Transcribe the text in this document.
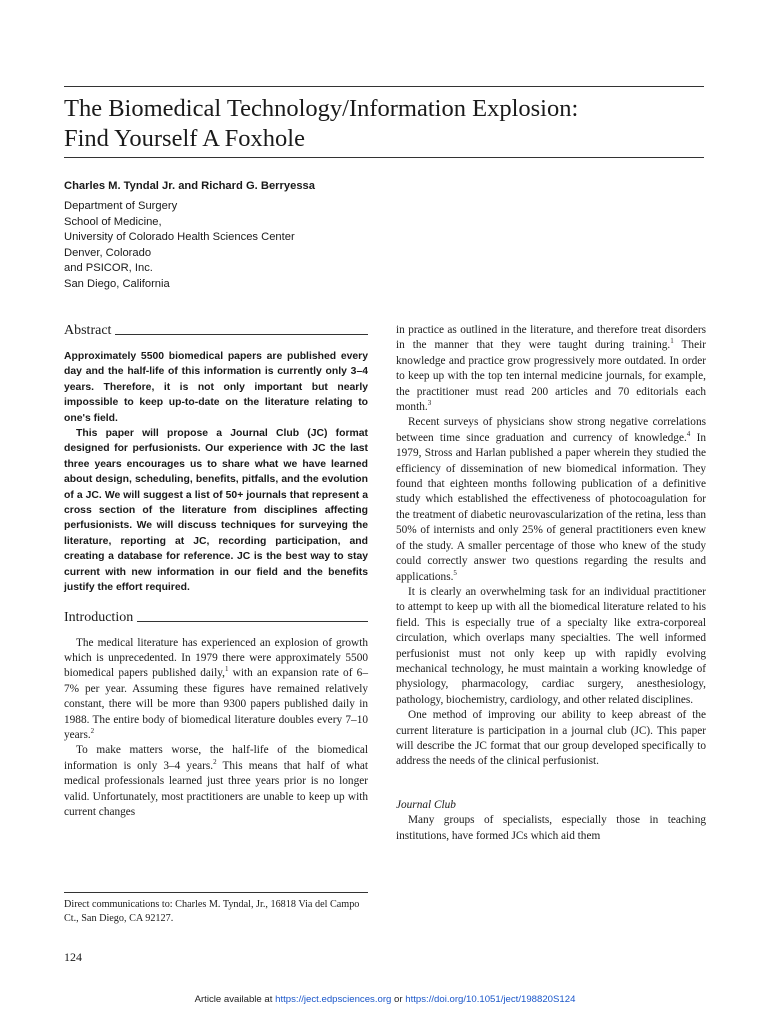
The Biomedical Technology/Information Explosion:
Find Yourself A Foxhole
Charles M. Tyndal Jr. and Richard G. Berryessa
Department of Surgery
School of Medicine,
University of Colorado Health Sciences Center
Denver, Colorado
and PSICOR, Inc.
San Diego, California
Abstract

Approximately 5500 biomedical papers are published every day and the half-life of this information is currently only 3–4 years. Therefore, it is not only important but nearly impossible to keep up-to-date on the literature relating to one's field.

This paper will propose a Journal Club (JC) format designed for perfusionists. Our experience with JC the last three years encourages us to share what we have learned about design, scheduling, benefits, pitfalls, and the evolution of a JC. We will suggest a list of 50+ journals that represent a cross section of the literature from disciplines affecting perfusionists. We will discuss techniques for surveying the literature, reporting at JC, recording participation, and creating a database for reference. JC is the best way to stay current with new information in our field and the benefits justify the effort required.

Introduction

The medical literature has experienced an explosion of growth which is unprecedented. In 1979 there were approximately 5500 biomedical papers published daily,$^1$ with an expansion rate of 6–7% per year. Assuming these figures have remained relatively constant, there will be more than 9300 papers published daily in 1988. The entire body of biomedical literature doubles every 7–10 years.$^2$

To make matters worse, the half-life of the biomedical information is only 3–4 years.$^2$ This means that half of what medical professionals learned just three years prior is no longer valid. Unfortunately, most practitioners are unable to keep up with current changes

Direct communications to: Charles M. Tyndal, Jr., 16818 Via del Campo Ct., San Diego, CA 92127.

in practice as outlined in the literature, and therefore treat disorders in the manner that they were taught during training.$^1$ Their knowledge and practice grow progressively more outdated. In order to keep up with the top ten internal medicine journals, for example, the practitioner must read 200 articles and 70 editorials each month.$^3$

Recent surveys of physicians show strong negative correlations between time since graduation and currency of knowledge.$^4$ In 1979, Stross and Harlan published a paper wherein they studied the efficiency of dissemination of new biomedical information. They found that eighteen months following publication of a definitive study which established the effectiveness of photocoagulation for the treatment of diabetic neurovascularization of the retina, less than 50% of internists and only 25% of general practitioners even knew of the study. A smaller percentage of those who knew of the study could correctly answer two questions regarding the results and applications.$^5$

It is clearly an overwhelming task for an individual practitioner to attempt to keep up with all the biomedical literature related to his field. This is especially true of a specialty like extra-corporeal circulation, which overlaps many specialties. The well informed perfusionist must not only keep up with rapidly evolving mechanical technology, he must maintain a working knowledge of physiology, pharmacology, cardiac surgery, anesthesiology, pathology, biochemistry, cardiology, and other related disciplines.

One method of improving our ability to keep abreast of the current literature is participation in a journal club (JC). This paper will describe the JC format that our group developed specifically to address the needs of the clinical perfusionist.

Journal Club

Many groups of specialists, especially those in teaching institutions, have formed JCs which aid them

124
Article available at https://ject.edpsciences.org or https://doi.org/10.1051/ject/198820S124
